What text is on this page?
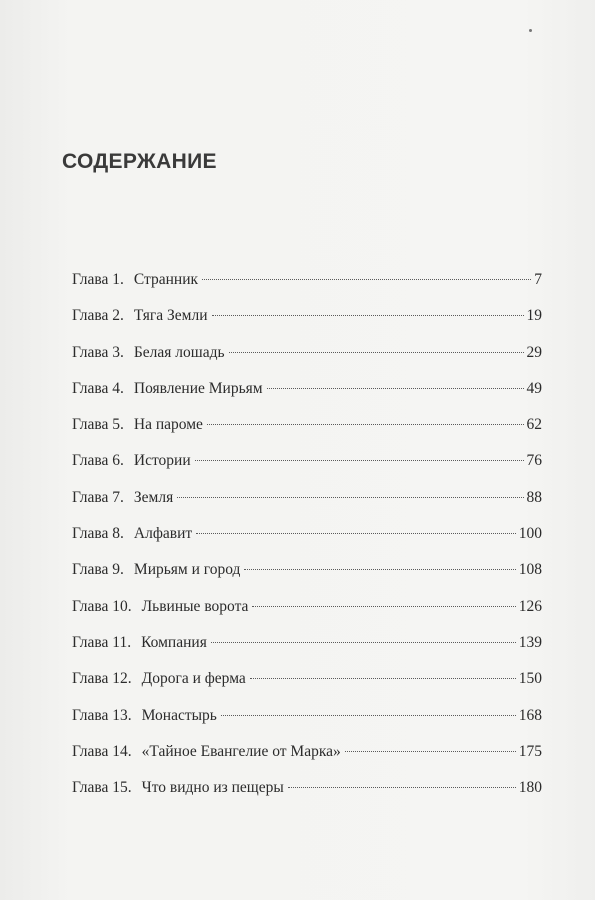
СОДЕРЖАНИЕ
Глава 1. Странник	7
Глава 2. Тяга Земли	19
Глава 3. Белая лошадь	29
Глава 4. Появление Мирьям	49
Глава 5. На пароме	62
Глава 6. Истории	76
Глава 7. Земля	88
Глава 8. Алфавит	100
Глава 9. Мирьям и город	108
Глава 10. Львиные ворота	126
Глава 11. Компания	139
Глава 12. Дорога и ферма	150
Глава 13. Монастырь	168
Глава 14. «Тайное Евангелие от Марка»	175
Глава 15. Что видно из пещеры	180
